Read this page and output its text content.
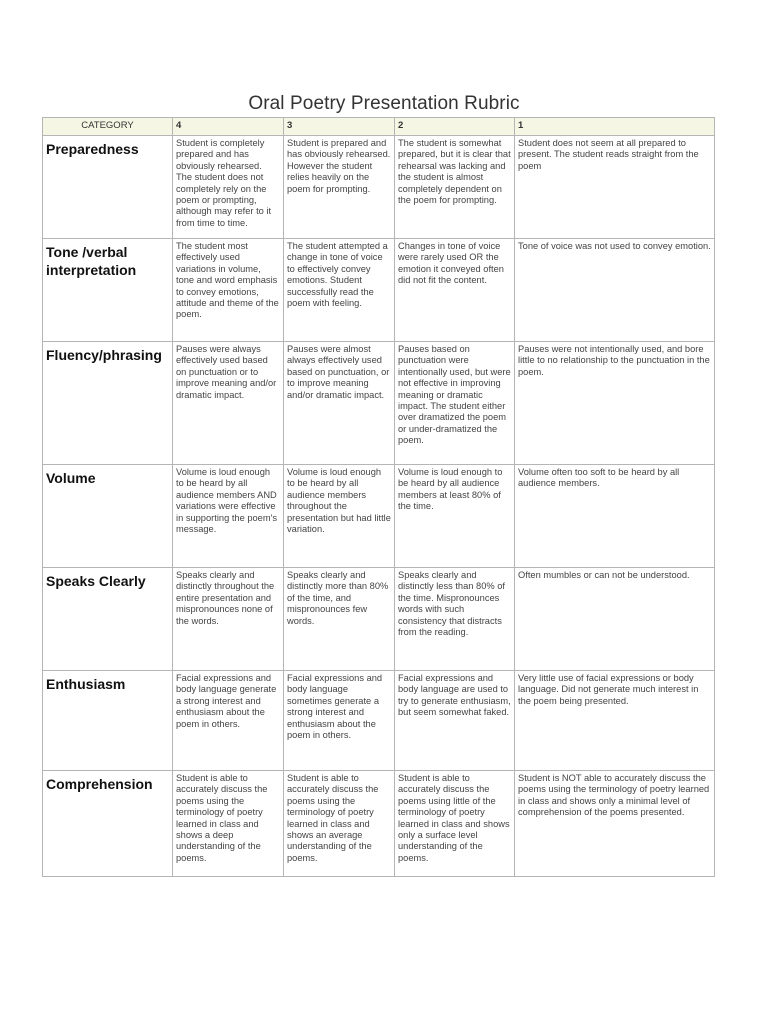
Oral Poetry Presentation Rubric
CATEGORY	4	3	2	1
Preparedness	Student is completely prepared and has obviously rehearsed. The student does not completely rely on the poem or prompting, although may refer to it from time to time.	Student is prepared and has obviously rehearsed. However the student relies heavily on the poem for prompting.	The student is somewhat prepared, but it is clear that rehearsal was lacking and the student is almost completely dependent on the poem for prompting.	Student does not seem at all prepared to present. The student reads straight from the poem
Tone /verbal interpretation	The student most effectively used variations in volume, tone and word emphasis to convey emotions, attitude and theme of the poem.	The student attempted a change in tone of voice to effectively convey emotions. Student successfully read the poem with feeling.	Changes in tone of voice were rarely used OR the emotion it conveyed often did not fit the content.	Tone of voice was not used to convey emotion.
Fluency/phrasing	Pauses were always effectively used based on punctuation or to improve meaning and/or dramatic impact.	Pauses were almost always effectively used based on punctuation, or to improve meaning and/or dramatic impact.	Pauses based on punctuation were intentionally used, but were not effective in improving meaning or dramatic impact. The student either over dramatized the poem or under-dramatized the poem.	Pauses were not intentionally used, and bore little to no relationship to the punctuation in the poem.
Volume	Volume is loud enough to be heard by all audience members AND variations were effective in supporting the poem's message.	Volume is loud enough to be heard by all audience members throughout the presentation but had little variation.	Volume is loud enough to be heard by all audience members at least 80% of the time.	Volume often too soft to be heard by all audience members.
Speaks Clearly	Speaks clearly and distinctly throughout the entire presentation and mispronounces none of the words.	Speaks clearly and distinctly more than 80% of the time, and mispronounces few words.	Speaks clearly and distinctly less than 80% of the time. Mispronounces words with such consistency that distracts from the reading.	Often mumbles or can not be understood.
Enthusiasm	Facial expressions and body language generate a strong interest and enthusiasm about the poem in others.	Facial expressions and body language sometimes generate a strong interest and enthusiasm about the poem in others.	Facial expressions and body language are used to try to generate enthusiasm, but seem somewhat faked.	Very little use of facial expressions or body language. Did not generate much interest in the poem being presented.
Comprehension	Student is able to accurately discuss the poems using the terminology of poetry learned in class and shows a deep understanding of the poems.	Student is able to accurately discuss the poems using the terminology of poetry learned in class and shows an average understanding of the poems.	Student is able to accurately discuss the poems using little of the terminology of poetry learned in class and shows only a surface level understanding of the poems.	Student is NOT able to accurately discuss the poems using the terminology of poetry learned in class and shows only a minimal level of comprehension of the poems presented.
